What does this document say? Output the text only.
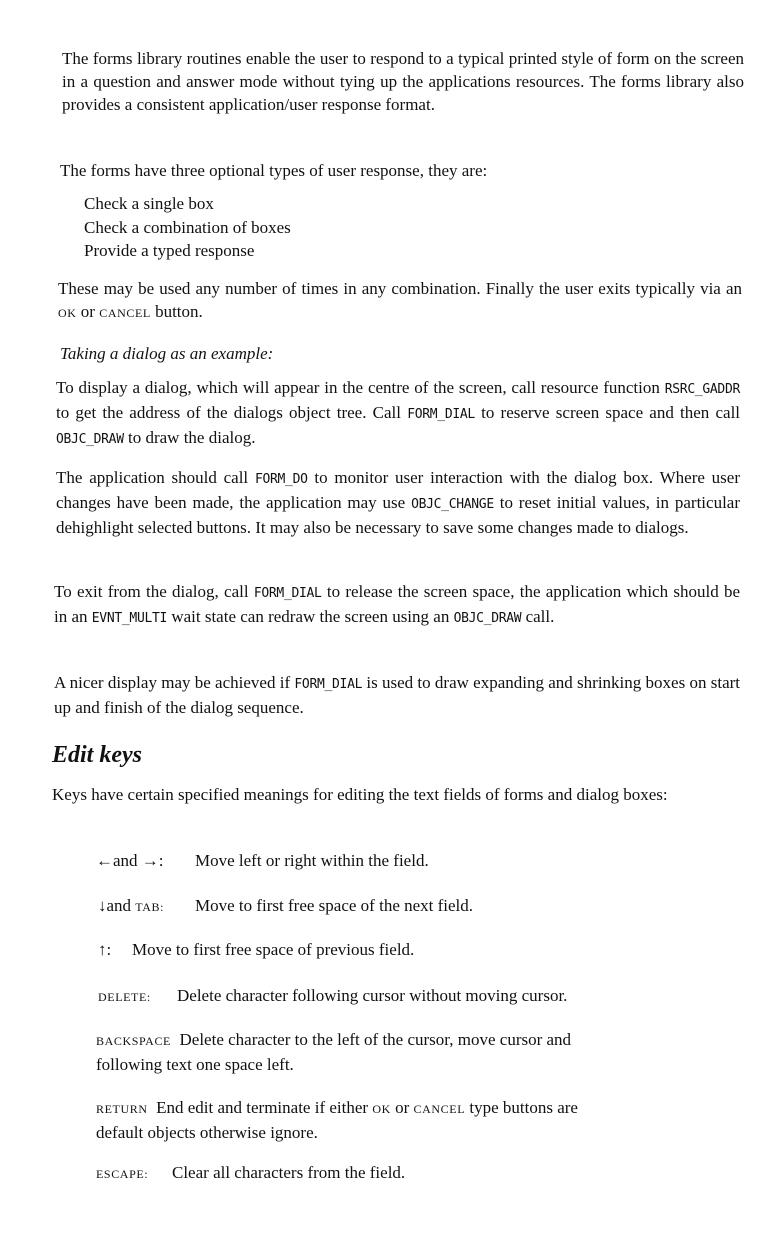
The forms library routines enable the user to respond to a typical printed style of form on the screen in a question and answer mode without tying up the applications resources. The forms library also provides a consistent application/user response format.

The forms have three optional types of user response, they are:

Check a single box
Check a combination of boxes
Provide a typed response

These may be used any number of times in any combination. Finally the user exits typically via an OK or CANCEL button.

Taking a dialog as an example:

To display a dialog, which will appear in the centre of the screen, call resource function RSRC_GADDR to get the address of the dialogs object tree. Call FORM_DIAL to reserve screen space and then call OBJC_DRAW to draw the dialog.

The application should call FORM_DO to monitor user interaction with the dialog box. Where user changes have been made, the application may use OBJC_CHANGE to reset initial values, in particular dehighlight selected buttons. It may also be necessary to save some changes made to dialogs.

To exit from the dialog, call FORM_DIAL to release the screen space, the application which should be in an EVNT_MULTI wait state can redraw the screen using an OBJC_DRAW call.

A nicer display may be achieved if FORM_DIAL is used to draw expanding and shrinking boxes on start up and finish of the dialog sequence.

Edit keys

Keys have certain specified meanings for editing the text fields of forms and dialog boxes:

←and →: Move left or right within the field.
↓and TAB: Move to first free space of the next field.
↑: Move to first free space of previous field.
DELETE: Delete character following cursor without moving cursor.
BACKSPACE Delete character to the left of the cursor, move cursor and
following text one space left.
RETURN End edit and terminate if either OK or CANCEL type buttons are
default objects otherwise ignore.
ESCAPE: Clear all characters from the field.
